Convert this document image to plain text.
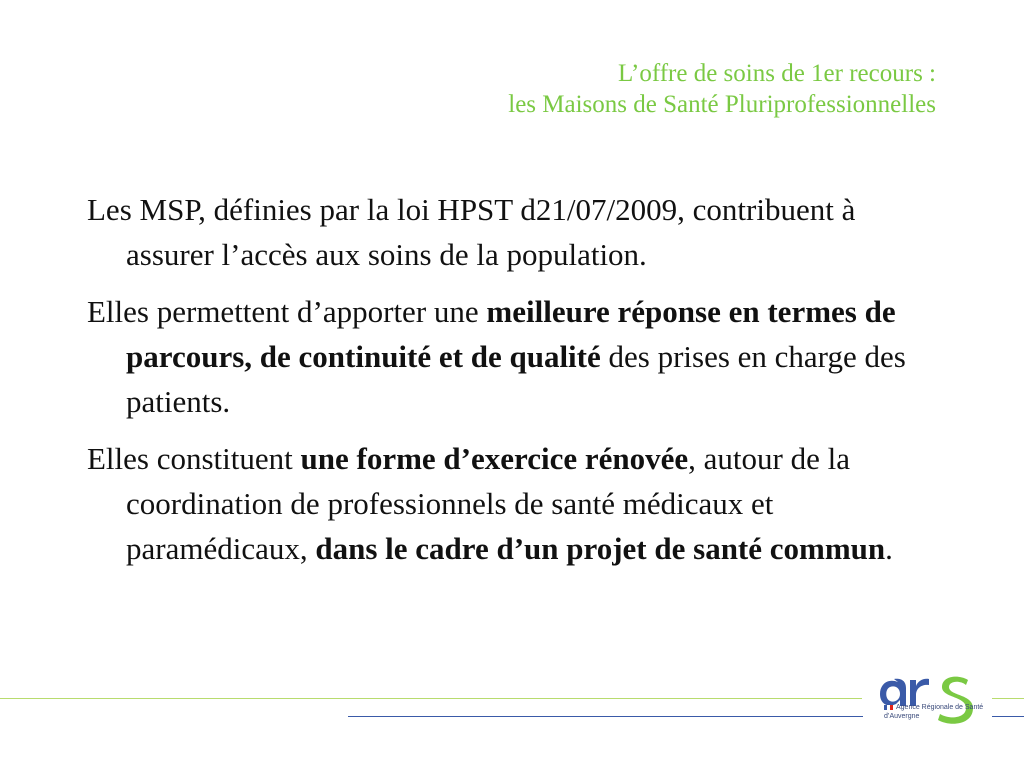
L’offre de soins de 1er recours :
les Maisons de Santé Pluriprofessionnelles
Les MSP, définies par la loi HPST d21/07/2009, contribuent à assurer l’accès aux soins de la population.
Elles permettent d’apporter une meilleure réponse en termes de parcours, de continuité et de qualité des prises en charge des patients.
Elles constituent une forme d’exercice rénovée, autour de la coordination de professionnels de santé médicaux et paramédicaux, dans le cadre d’un projet de santé commun.
Agence Régionale de Santé
d’Auvergne
